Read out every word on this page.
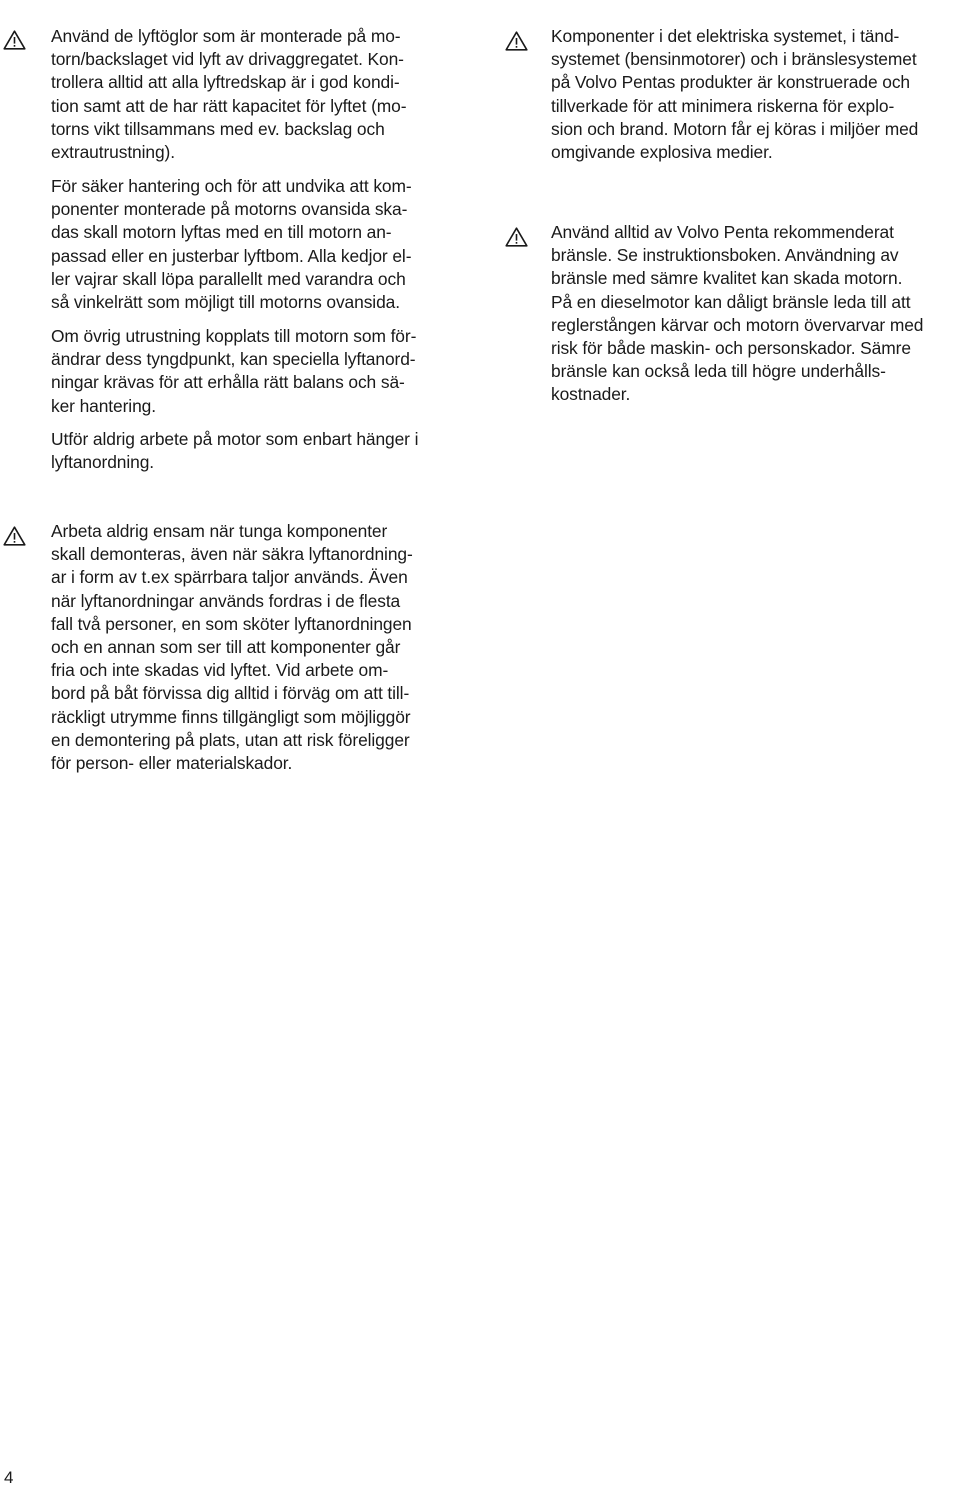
Använd de lyftöglor som är monterade på mo-
torn/backslaget vid lyft av drivaggregatet. Kon-
trollera alltid att alla lyftredskap är i god kondi-
tion samt att de har rätt kapacitet för lyftet (mo-
torns vikt tillsammans med ev. backslag och
extrautrustning).
För säker hantering och för att undvika att kom-
ponenter monterade på motorns ovansida ska-
das skall motorn lyftas med en till motorn an-
passad eller en justerbar lyftbom. Alla kedjor el-
ler vajrar skall löpa parallellt med varandra och
så vinkelrätt som möjligt till motorns ovansida.
Om övrig utrustning kopplats till motorn som för-
ändrar dess tyngdpunkt, kan speciella lyftanord-
ningar krävas för att erhålla rätt balans och sä-
ker hantering.
Utför aldrig arbete på motor som enbart hänger i
lyftanordning.
Komponenter i det elektriska systemet, i tänd-
systemet (bensinmotorer) och i bränslesystemet
på Volvo Pentas produkter är konstruerade och
tillverkade för att minimera riskerna för explo-
sion och brand. Motorn får ej köras i miljöer med
omgivande explosiva medier.
Använd alltid av Volvo Penta rekommenderat
bränsle. Se instruktionsboken. Användning av
bränsle med sämre kvalitet kan skada motorn.
På en dieselmotor kan dåligt bränsle leda till att
reglerstången kärvar och motorn övervarvar med
risk för både maskin- och personskador. Sämre
bränsle kan också leda till högre underhålls-
kostnader.
Arbeta aldrig ensam när tunga komponenter
skall demonteras, även när säkra lyftanordning-
ar i form av t.ex spärrbara taljor används. Även
när lyftanordningar används fordras i de flesta
fall två personer, en som sköter lyftanordningen
och en annan som ser till att komponenter går
fria och inte skadas vid lyftet. Vid arbete om-
bord på båt förvissa dig alltid i förväg om att till-
räckligt utrymme finns tillgängligt som möjliggör
en demontering på plats, utan att risk föreligger
för person- eller materialskador.
4
